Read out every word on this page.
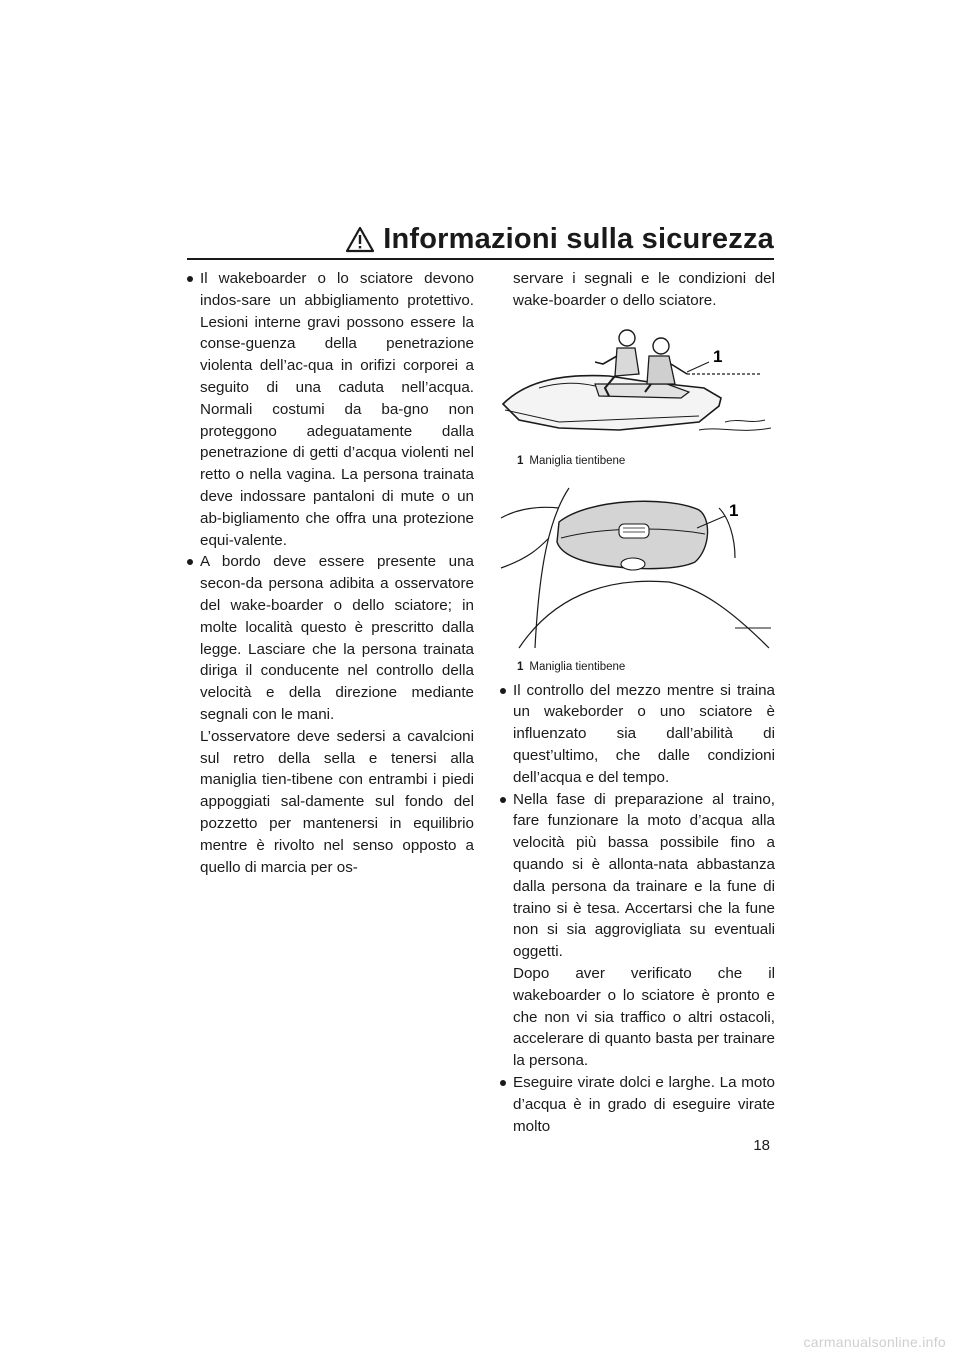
Informazioni sulla sicurezza

Il wakeboarder o lo sciatore devono indos-sare un abbigliamento protettivo. Lesioni interne gravi possono essere la conse-guenza della penetrazione violenta dell’ac-qua in orifizi corporei a seguito di una caduta nell’acqua. Normali costumi da ba-gno non proteggono adeguatamente dalla penetrazione di getti d’acqua violenti nel retto o nella vagina. La persona trainata deve indossare pantaloni di mute o un ab-bigliamento che offra una protezione equi-valente.

A bordo deve essere presente una secon-da persona adibita a osservatore del wake-boarder o dello sciatore; in molte località questo è prescritto dalla legge. Lasciare che la persona trainata diriga il conducente nel controllo della velocità e della direzione mediante segnali con le mani.

L’osservatore deve sedersi a cavalcioni sul retro della sella e tenersi alla maniglia tien-tibene con entrambi i piedi appoggiati sal-damente sul fondo del pozzetto per mantenersi in equilibrio mentre è rivolto nel senso opposto a quello di marcia per os-

servare i segnali e le condizioni del wake-boarder o dello sciatore.

1
1 Maniglia tientibene
1
1 Maniglia tientibene

Il controllo del mezzo mentre si traina un wakeborder o uno sciatore è influenzato sia dall’abilità di quest’ultimo, che dalle condizioni dell’acqua e del tempo.

Nella fase di preparazione al traino, fare funzionare la moto d’acqua alla velocità più bassa possibile fino a quando si è allonta-nata abbastanza dalla persona da trainare e la fune di traino si è tesa. Accertarsi che la fune non si sia aggrovigliata su eventuali oggetti.

Dopo aver verificato che il wakeboarder o lo sciatore è pronto e che non vi sia traffico o altri ostacoli, accelerare di quanto basta per trainare la persona.

Eseguire virate dolci e larghe. La moto d’acqua è in grado di eseguire virate molto

18
carmanualsonline.info
